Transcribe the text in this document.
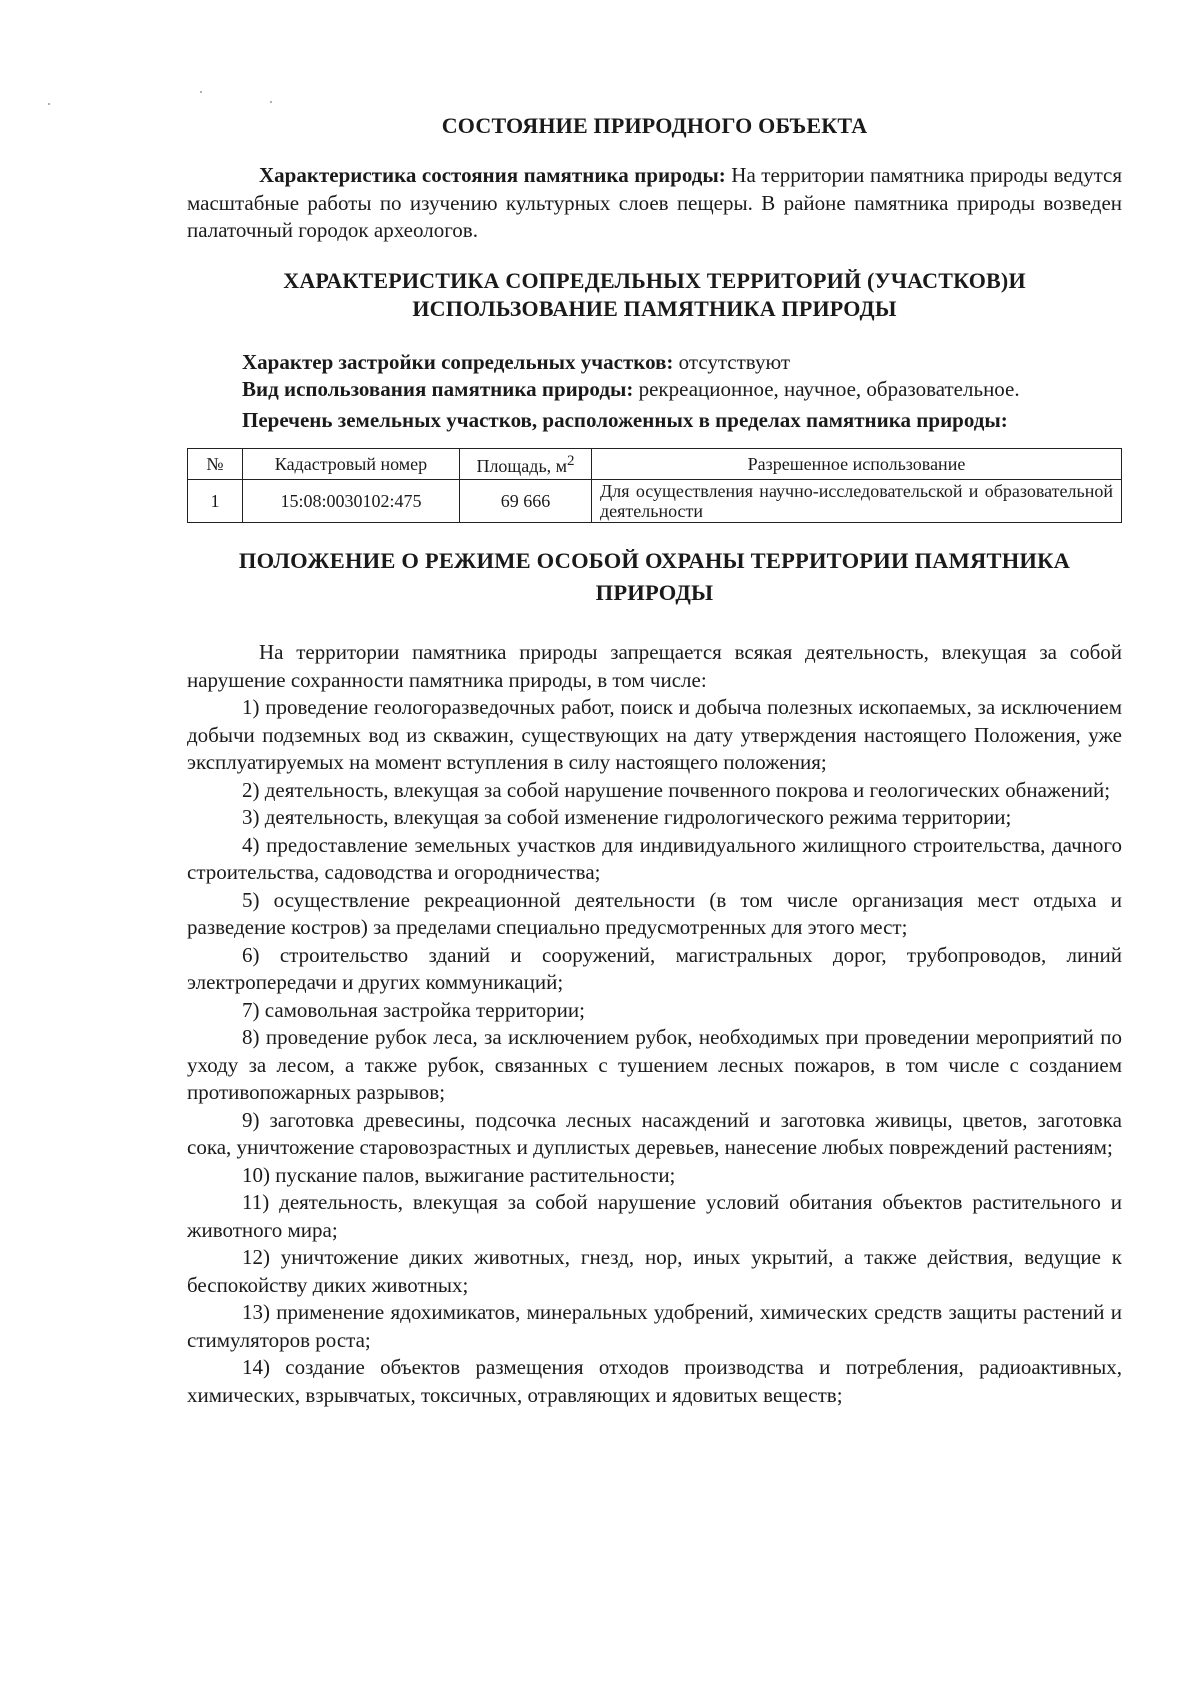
СОСТОЯНИЕ ПРИРОДНОГО ОБЪЕКТА

Характеристика состояния памятника природы: На территории памятника природы ведутся масштабные работы по изучению культурных слоев пещеры. В районе памятника природы возведен палаточный городок археологов.

ХАРАКТЕРИСТИКА СОПРЕДЕЛЬНЫХ ТЕРРИТОРИЙ (УЧАСТКОВ)И
ИСПОЛЬЗОВАНИЕ ПАМЯТНИКА ПРИРОДЫ

Характер застройки сопредельных участков: отсутствуют

Вид использования памятника природы: рекреационное, научное, образовательное.

Перечень земельных участков, расположенных в пределах памятника природы:

№	Кадастровый номер	Площадь, $м^2$	Разрешенное использование
1	15:08:0030102:475	69 666	Для осуществления научно-исследовательской и образовательной деятельности
ПОЛОЖЕНИЕ О РЕЖИМЕ ОСОБОЙ ОХРАНЫ ТЕРРИТОРИИ ПАМЯТНИКА
ПРИРОДЫ

На территории памятника природы запрещается всякая деятельность, влекущая за собой нарушение сохранности памятника природы, в том числе:

1) проведение геологоразведочных работ, поиск и добыча полезных ископаемых, за исключением добычи подземных вод из скважин, существующих на дату утверждения настоящего Положения, уже эксплуатируемых на момент вступления в силу настоящего положения;

2) деятельность, влекущая за собой нарушение почвенного покрова и геологических обнажений;

3) деятельность, влекущая за собой изменение гидрологического режима территории;

4) предоставление земельных участков для индивидуального жилищного строительства, дачного строительства, садоводства и огородничества;

5) осуществление рекреационной деятельности (в том числе организация мест отдыха и разведение костров) за пределами специально предусмотренных для этого мест;

6) строительство зданий и сооружений, магистральных дорог, трубопроводов, линий электропередачи и других коммуникаций;

7) самовольная застройка территории;

8) проведение рубок леса, за исключением рубок, необходимых при проведении мероприятий по уходу за лесом, а также рубок, связанных с тушением лесных пожаров, в том числе с созданием противопожарных разрывов;

9) заготовка древесины, подсочка лесных насаждений и заготовка живицы, цветов, заготовка сока, уничтожение старовозрастных и дуплистых деревьев, нанесение любых повреждений растениям;

10) пускание палов, выжигание растительности;

11) деятельность, влекущая за собой нарушение условий обитания объектов растительного и животного мира;

12) уничтожение диких животных, гнезд, нор, иных укрытий, а также действия, ведущие к беспокойству диких животных;

13) применение ядохимикатов, минеральных удобрений, химических средств защиты растений и стимуляторов роста;

14) создание объектов размещения отходов производства и потребления, радиоактивных, химических, взрывчатых, токсичных, отравляющих и ядовитых веществ;
